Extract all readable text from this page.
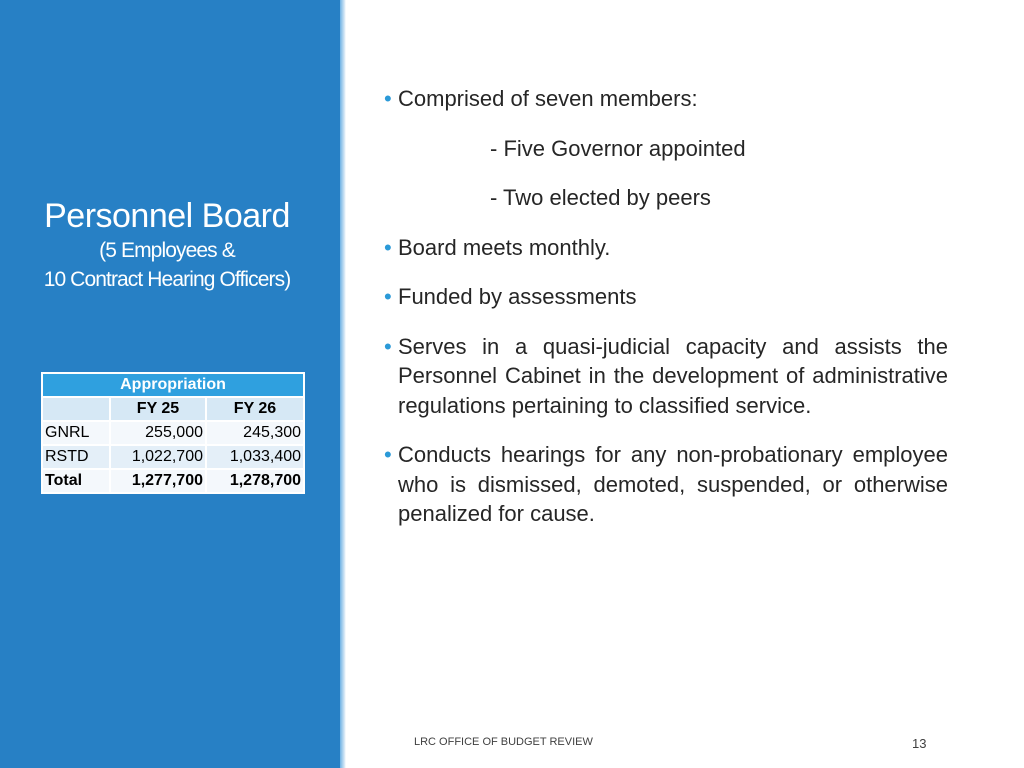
Personnel Board
(5 Employees &
10 Contract Hearing Officers)
Appropriation		
	FY 25	FY 26
GNRL	255,000	245,300
RSTD	1,022,700	1,033,400
Total	1,277,700	1,278,700
• Comprised of seven members:
- Five Governor appointed
- Two elected by peers
• Board meets monthly.
• Funded by assessments
• Serves in a quasi-judicial capacity and assists the Personnel Cabinet in the development of administrative regulations pertaining to classified service.
• Conducts hearings for any non-probationary employee who is dismissed, demoted, suspended, or otherwise penalized for cause.
LRC OFFICE OF BUDGET REVIEW	13
